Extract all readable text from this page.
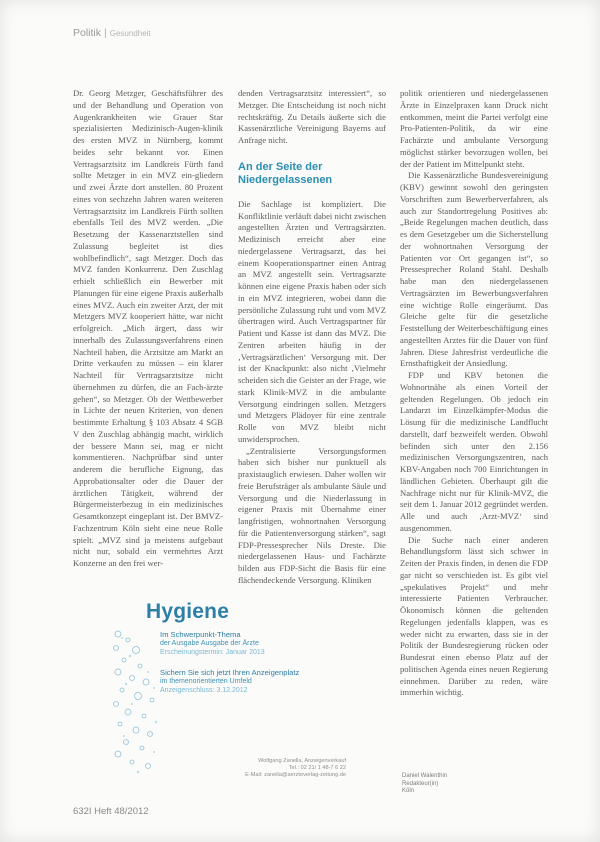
Politik | Gesundheit

Dr. Georg Metzger, Geschäftsführer des und der Behandlung und Operation von Augenkrankheiten wie Grauer Star spezialisierten Medizinisch-Augen-klinik des ersten MVZ in Nürnberg, kommt beides sehr bekannt vor. Einen Vertragsarztsitz im Landkreis Fürth fand sollte Metzger in ein MVZ ein-gliedern und zwei Ärzte dort anstellen. 80 Prozent eines von sechzehn Jahren waren weiteren Vertragsarztsitz im Landkreis Fürth sollten ebenfalls Teil des MVZ werden. „Die Besetzung der Kassenarztstellen sind Zulassung begleitet ist dies wohlbefindlich“, sagt Metzger. Doch das MVZ fanden Konkurrenz. Den Zuschlag erhielt schließlich ein Bewerber mit Planungen für eine eigene Praxis außerhalb eines MVZ. Auch ein zweiter Arzt, der mit Metzgers MVZ kooperiert hätte, war nicht erfolgreich. „Mich ärgert, dass wir innerhalb des Zulassungsverfahrens einen Nachteil haben, die Arztsitze am Markt an Dritte verkaufen zu müssen – ein klarer Nachteil für Vertragsarztsitze nicht übernehmen zu dürfen, die an Fach-ärzte gehen“, so Metzger. Ob der Wettbewerber in Lichte der neuen Kriterien, von denen bestimmte Erhaltung § 103 Absatz 4 SGB V den Zuschlag abhängig macht, wirklich der bessere Mann sei, mag er nicht kommentieren. Nachprüfbar sind unter anderem die berufliche Eignung, das Approbationsalter oder die Dauer der ärztlichen Tätigkeit, während der Bürgermeisterbezug in ein medizinisches Gesamtkonzept eingeplant ist. Der BMVZ-Fachzentrum Köln sieht eine neue Rolle spielt. „MVZ sind ja meistens aufgebaut nicht nur, sobald ein vermehrtes Arzt Konzerne an den frei wer-

denden Vertragsarztsitz interessiert“, so Metzger. Die Entscheidung ist noch nicht rechtskräftig. Zu Details äußerte sich die Kassenärztliche Vereinigung Bayerns auf Anfrage nicht.

An der Seite der Niedergelassenen

Die Sachlage ist kompliziert. Die Konfliktlinie verläuft dabei nicht zwischen angestellten Ärzten und Vertragsärzten. Medizinisch erreicht aber eine niedergelassene Vertragsarzt, das bei einem Kooperationspartner einen Antrag an MVZ angestellt sein. Vertragsarzte können eine eigene Praxis haben oder sich in ein MVZ integrieren, wobei dann die persönliche Zulassung ruht und vom MVZ übertragen wird. Auch Vertragspartner für Patient und Kasse ist dann das MVZ. Die Zentren arbeiten häufig in der ‚Vertragsärztlichen‘ Versorgung mit. Der ist der Knackpunkt: also nicht ‚Vielmehr scheiden sich die Geister an der Frage, wie stark Klinik-MVZ in die ambulante Versorgung eindringen sollen. Metzgers und Metzgers Plädoyer für eine zentrale Rolle von MVZ bleibt nicht unwidersprochen.

„Zentralisierte Versorgungsformen haben sich bisher nur punktuell als praxistauglich erwiesen. Daher wollen wir freie Berufsträger als ambulante Säule und Versorgung und die Niederlassung in eigener Praxis mit Übernahme einer langfristigen, wohnortnahen Versorgung für die Patientenversorgung stärken“, sagt FDP-Pressesprecher Nils Dreste. Die niedergelassenen Haus- und Fachärzte bilden aus FDP-Sicht die Basis für eine flächendeckende Versorgung. Kliniken

politik orientieren und niedergelassenen Ärzte in Einzelpraxen kann Druck nicht entkommen, meint die Partei verfolgt eine Pro-Patienten-Politik, da wir eine Fachärzte und ambulante Versorgung möglichst stärker bevorzugen wollen, bei der der Patient im Mittelpunkt steht.

Die Kassenärztliche Bundesvereinigung (KBV) gewinnt sowohl den geringsten Vorschriften zum Bewerberverfahren, als auch zur Standortregelung Positives ab: „Beide Regelungen machen deutlich, dass es dem Gesetzgeber um die Sicherstellung der wohnortnahen Versorgung der Patienten vor Ort gegangen ist“, so Pressesprecher Roland Stahl. Deshalb habe man den niedergelassenen Vertragsärzten im Bewerbungsverfahren eine wichtige Rolle eingeräumt. Das Gleiche gelte für die gesetzliche Feststellung der Weiterbeschäftigung eines angestellten Arztes für die Dauer von fünf Jahren. Diese Jahresfrist verdeutliche die Ernsthaftigkeit der Ansiedlung.

FDP und KBV betonen die Wohnortnähe als einen Vorteil der geltenden Regelungen. Ob jedoch ein Landarzt im Einzelkämpfer-Modus die Lösung für die medizinische Landflucht darstellt, darf bezweifelt werden. Obwohl befinden sich unter den 2.156 medizinischen Versorgungszentren, nach KBV-Angaben noch 700 Einrichtungen in ländlichen Gebieten. Überhaupt gilt die Nachfrage nicht nur für Klinik-MVZ, die seit dem 1. Januar 2012 gegründet werden. Alle und auch ‚Arzt-MVZ‘ sind ausgenommen.

Die Suche nach einer anderen Behandlungsform lässt sich schwer in Zeiten der Praxis finden, in denen die FDP gar nicht so verschieden ist. Es gibt viel „spekulatives Projekt“ und mehr interessierte Patienten Verbraucher. Ökonomisch können die geltenden Regelungen jedenfalls klappen, was es weder nicht zu erwarten, dass sie in der Politik der Bundesregierung rücken oder Bundesrat einen ebenso Platz auf der politischen Agenda eines neuen Regierung einnehmen. Darüber zu reden, wäre immerhin wichtig.

Hygiene
Im Schwerpunkt-Thema
der Ausgabe Ausgabe der Ärzte
Erscheinungstermin: Januar 2013
Sichern Sie sich jetzt Ihren Anzeigenplatz
im themenorientierten Umfeld
Anzeigenschluss: 3.12.2012
Wolfgang Zanella, Anzeigenverkauf
Tel.: 02 21/ 1 48-7 6 22
E-Mail: zanella@aerzteverlag-zeitung.de	Daniel Walenthin
Redakteur(in)
Köln
632I Heft 48/2012
